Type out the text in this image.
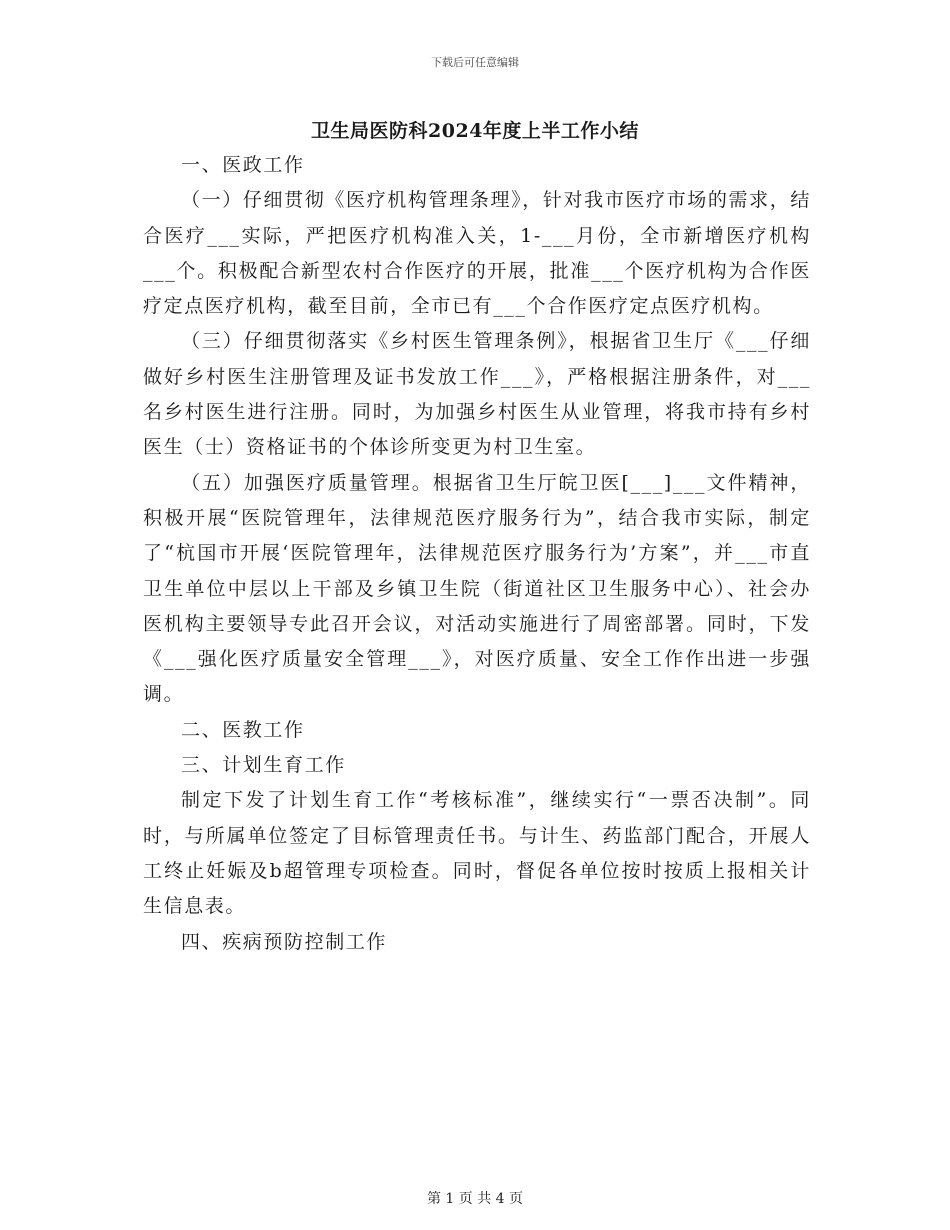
下载后可任意编辑
卫生局医防科2024年度上半工作小结

一、医政工作

（一）仔细贯彻《医疗机构管理条理》，针对我市医疗市场的需求，结合医疗___实际，严把医疗机构准入关，1-___月份，全市新增医疗机构___个。积极配合新型农村合作医疗的开展，批准___个医疗机构为合作医疗定点医疗机构，截至目前，全市已有___个合作医疗定点医疗机构。

（三）仔细贯彻落实《乡村医生管理条例》，根据省卫生厅《___仔细做好乡村医生注册管理及证书发放工作___》，严格根据注册条件，对___名乡村医生进行注册。同时，为加强乡村医生从业管理，将我市持有乡村医生（士）资格证书的个体诊所变更为村卫生室。

（五）加强医疗质量管理。根据省卫生厅皖卫医[___]___文件精神，积极开展“医院管理年，法律规范医疗服务行为”，结合我市实际，制定了“杭国市开展‘医院管理年，法律规范医疗服务行为’方案”，并___市直卫生单位中层以上干部及乡镇卫生院（街道社区卫生服务中心）、社会办医机构主要领导专此召开会议，对活动实施进行了周密部署。同时，下发《___强化医疗质量安全管理___》，对医疗质量、安全工作作出进一步强调。

二、医教工作

三、计划生育工作

制定下发了计划生育工作“考核标准”，继续实行“一票否决制”。同时，与所属单位签定了目标管理责任书。与计生、药监部门配合，开展人工终止妊娠及b超管理专项检查。同时，督促各单位按时按质上报相关计生信息表。

四、疾病预防控制工作

第 1 页 共 4 页
